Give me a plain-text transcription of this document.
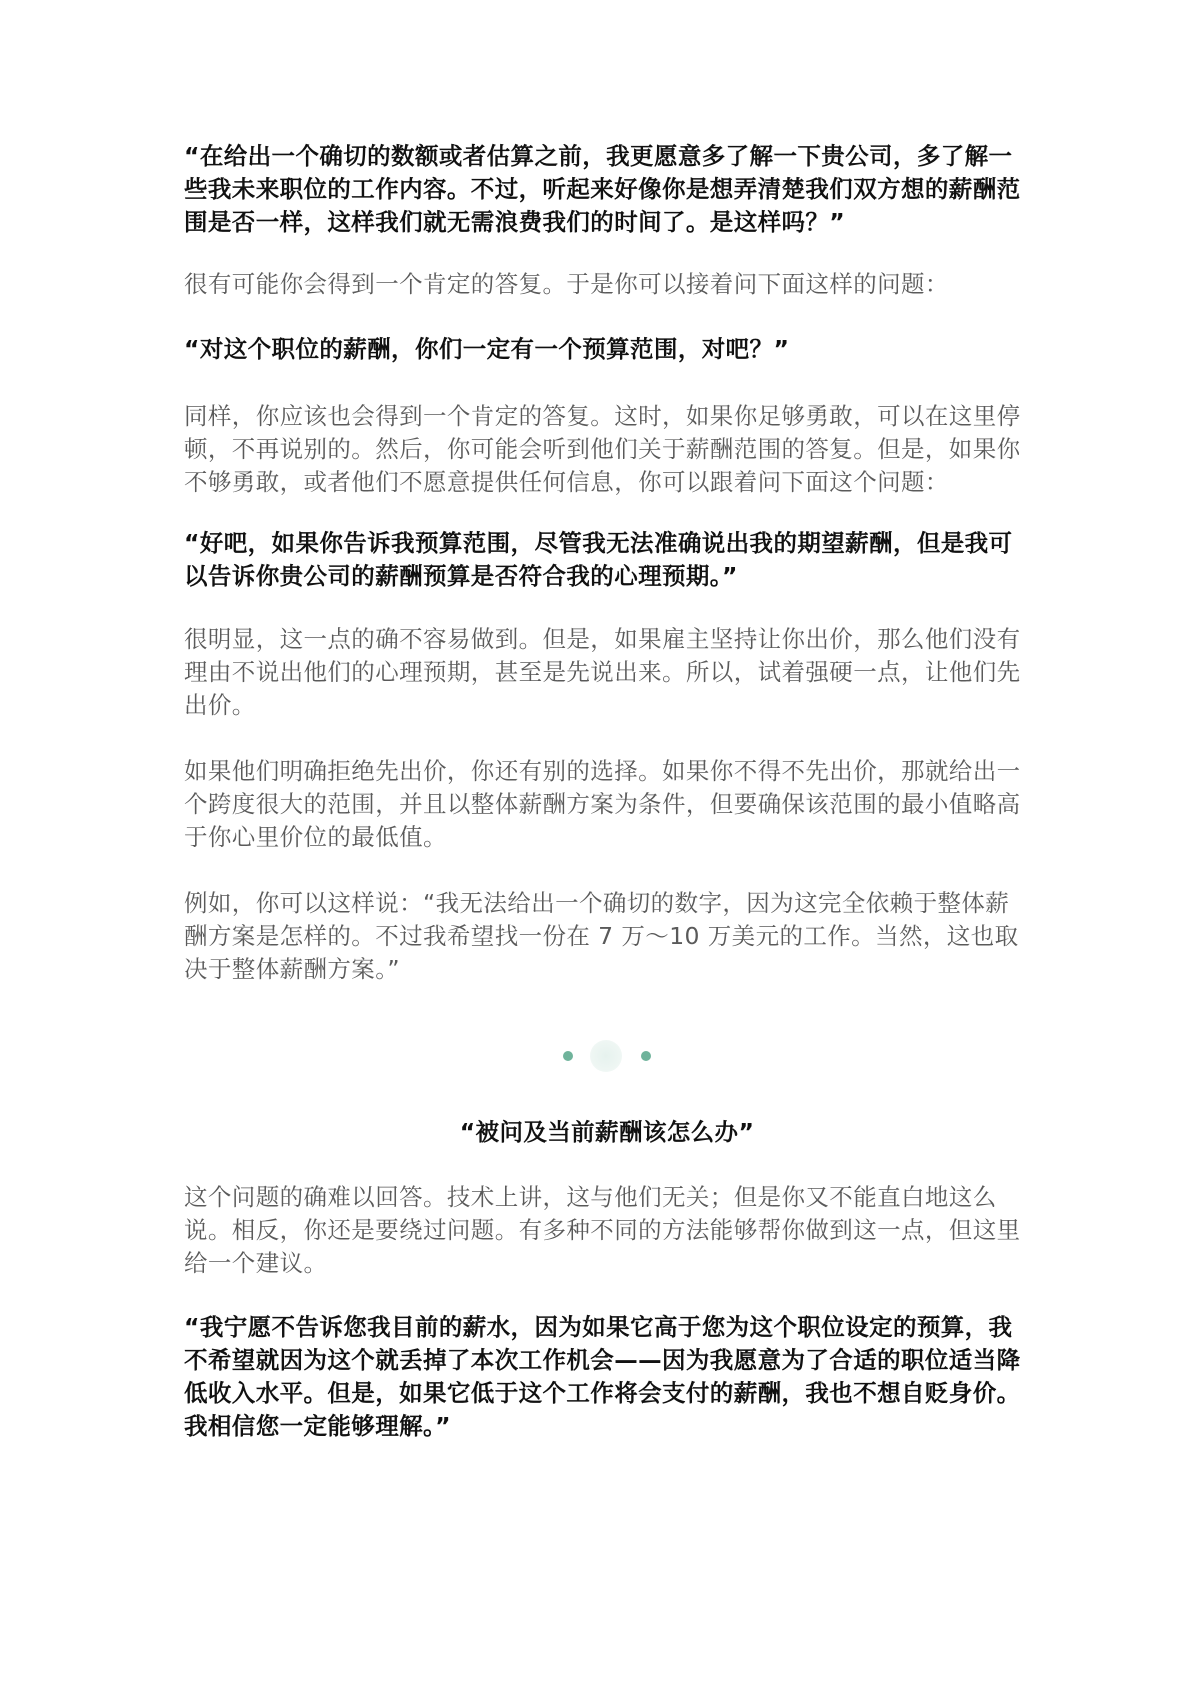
“在给出一个确切的数额或者估算之前，我更愿意多了解一下贵公司，多了解一些我未来职位的工作内容。不过，听起来好像你是想弄清楚我们双方想的薪酬范围是否一样，这样我们就无需浪费我们的时间了。是这样吗？”

很有可能你会得到一个肯定的答复。于是你可以接着问下面这样的问题：

“对这个职位的薪酬，你们一定有一个预算范围，对吧？”

同样，你应该也会得到一个肯定的答复。这时，如果你足够勇敢，可以在这里停顿，不再说别的。然后，你可能会听到他们关于薪酬范围的答复。但是，如果你不够勇敢，或者他们不愿意提供任何信息，你可以跟着问下面这个问题：

“好吧，如果你告诉我预算范围，尽管我无法准确说出我的期望薪酬，但是我可以告诉你贵公司的薪酬预算是否符合我的心理预期。”

很明显，这一点的确不容易做到。但是，如果雇主坚持让你出价，那么他们没有理由不说出他们的心理预期，甚至是先说出来。所以，试着强硬一点，让他们先出价。

如果他们明确拒绝先出价，你还有别的选择。如果你不得不先出价，那就给出一个跨度很大的范围，并且以整体薪酬方案为条件，但要确保该范围的最小值略高于你心里价位的最低值。

例如，你可以这样说：“我无法给出一个确切的数字，因为这完全依赖于整体薪酬方案是怎样的。不过我希望找一份在 7 万～10 万美元的工作。当然，这也取决于整体薪酬方案。”

“被问及当前薪酬该怎么办”

这个问题的确难以回答。技术上讲，这与他们无关；但是你又不能直白地这么说。相反，你还是要绕过问题。有多种不同的方法能够帮你做到这一点，但这里给一个建议。

“我宁愿不告诉您我目前的薪水，因为如果它高于您为这个职位设定的预算，我不希望就因为这个就丢掉了本次工作机会——因为我愿意为了合适的职位适当降低收入水平。但是，如果它低于这个工作将会支付的薪酬，我也不想自贬身价。我相信您一定能够理解。”
